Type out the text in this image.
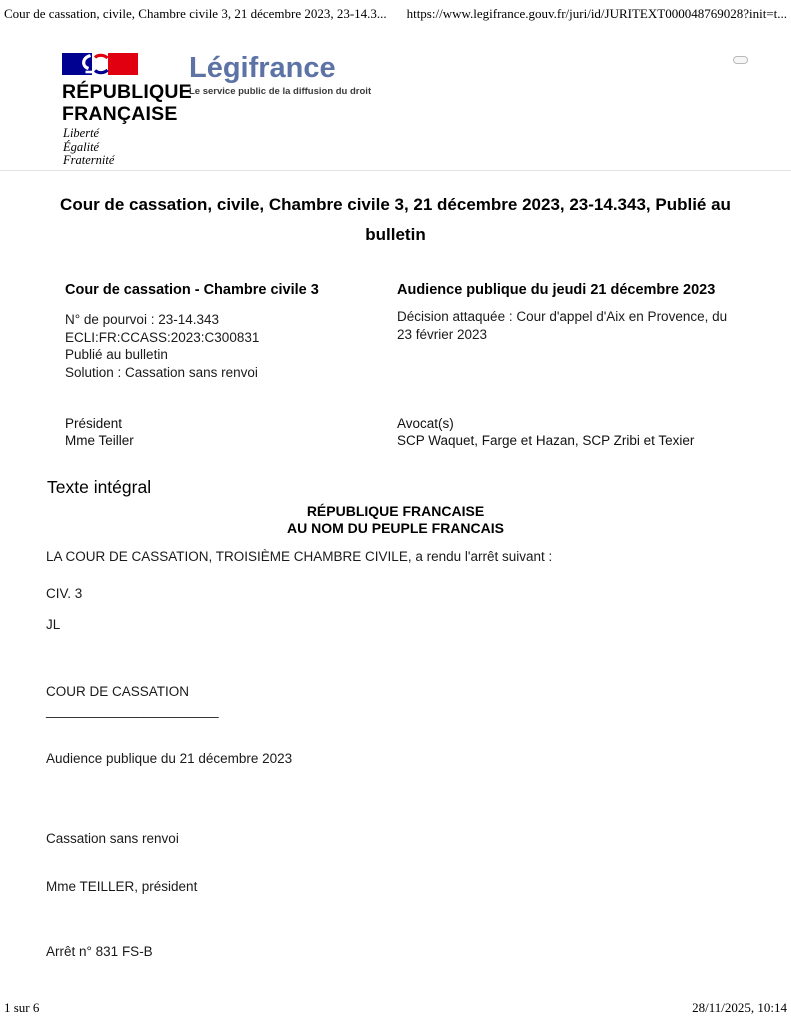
Cour de cassation, civile, Chambre civile 3, 21 décembre 2023, 23-14.3... https://www.legifrance.gouv.fr/juri/id/JURITEXT000048769028?init=t...
RÉPUBLIQUE
FRANÇAISE
Liberté
Égalité
Fraternité
Légifrance
Le service public de la diffusion du droit
Cour de cassation, civile, Chambre civile 3, 21 décembre 2023, 23-14.343, Publié au bulletin
Cour de cassation - Chambre civile 3
N° de pourvoi : 23-14.343
ECLI:FR:CCASS:2023:C300831
Publié au bulletin
Solution : Cassation sans renvoi
Audience publique du jeudi 21 décembre 2023
Décision attaquée : Cour d'appel d'Aix en Provence, du 23 février 2023
Président
Mme Teiller
Avocat(s)
SCP Waquet, Farge et Hazan, SCP Zribi et Texier
Texte intégral
RÉPUBLIQUE FRANCAISE
AU NOM DU PEUPLE FRANCAIS
LA COUR DE CASSATION, TROISIÈME CHAMBRE CIVILE, a rendu l'arrêt suivant :
CIV. 3
JL
COUR DE CASSATION
_______________________
Audience publique du 21 décembre 2023
Cassation sans renvoi
Mme TEILLER, président
Arrêt n° 831 FS-B
1 sur 6	28/11/2025, 10:14
